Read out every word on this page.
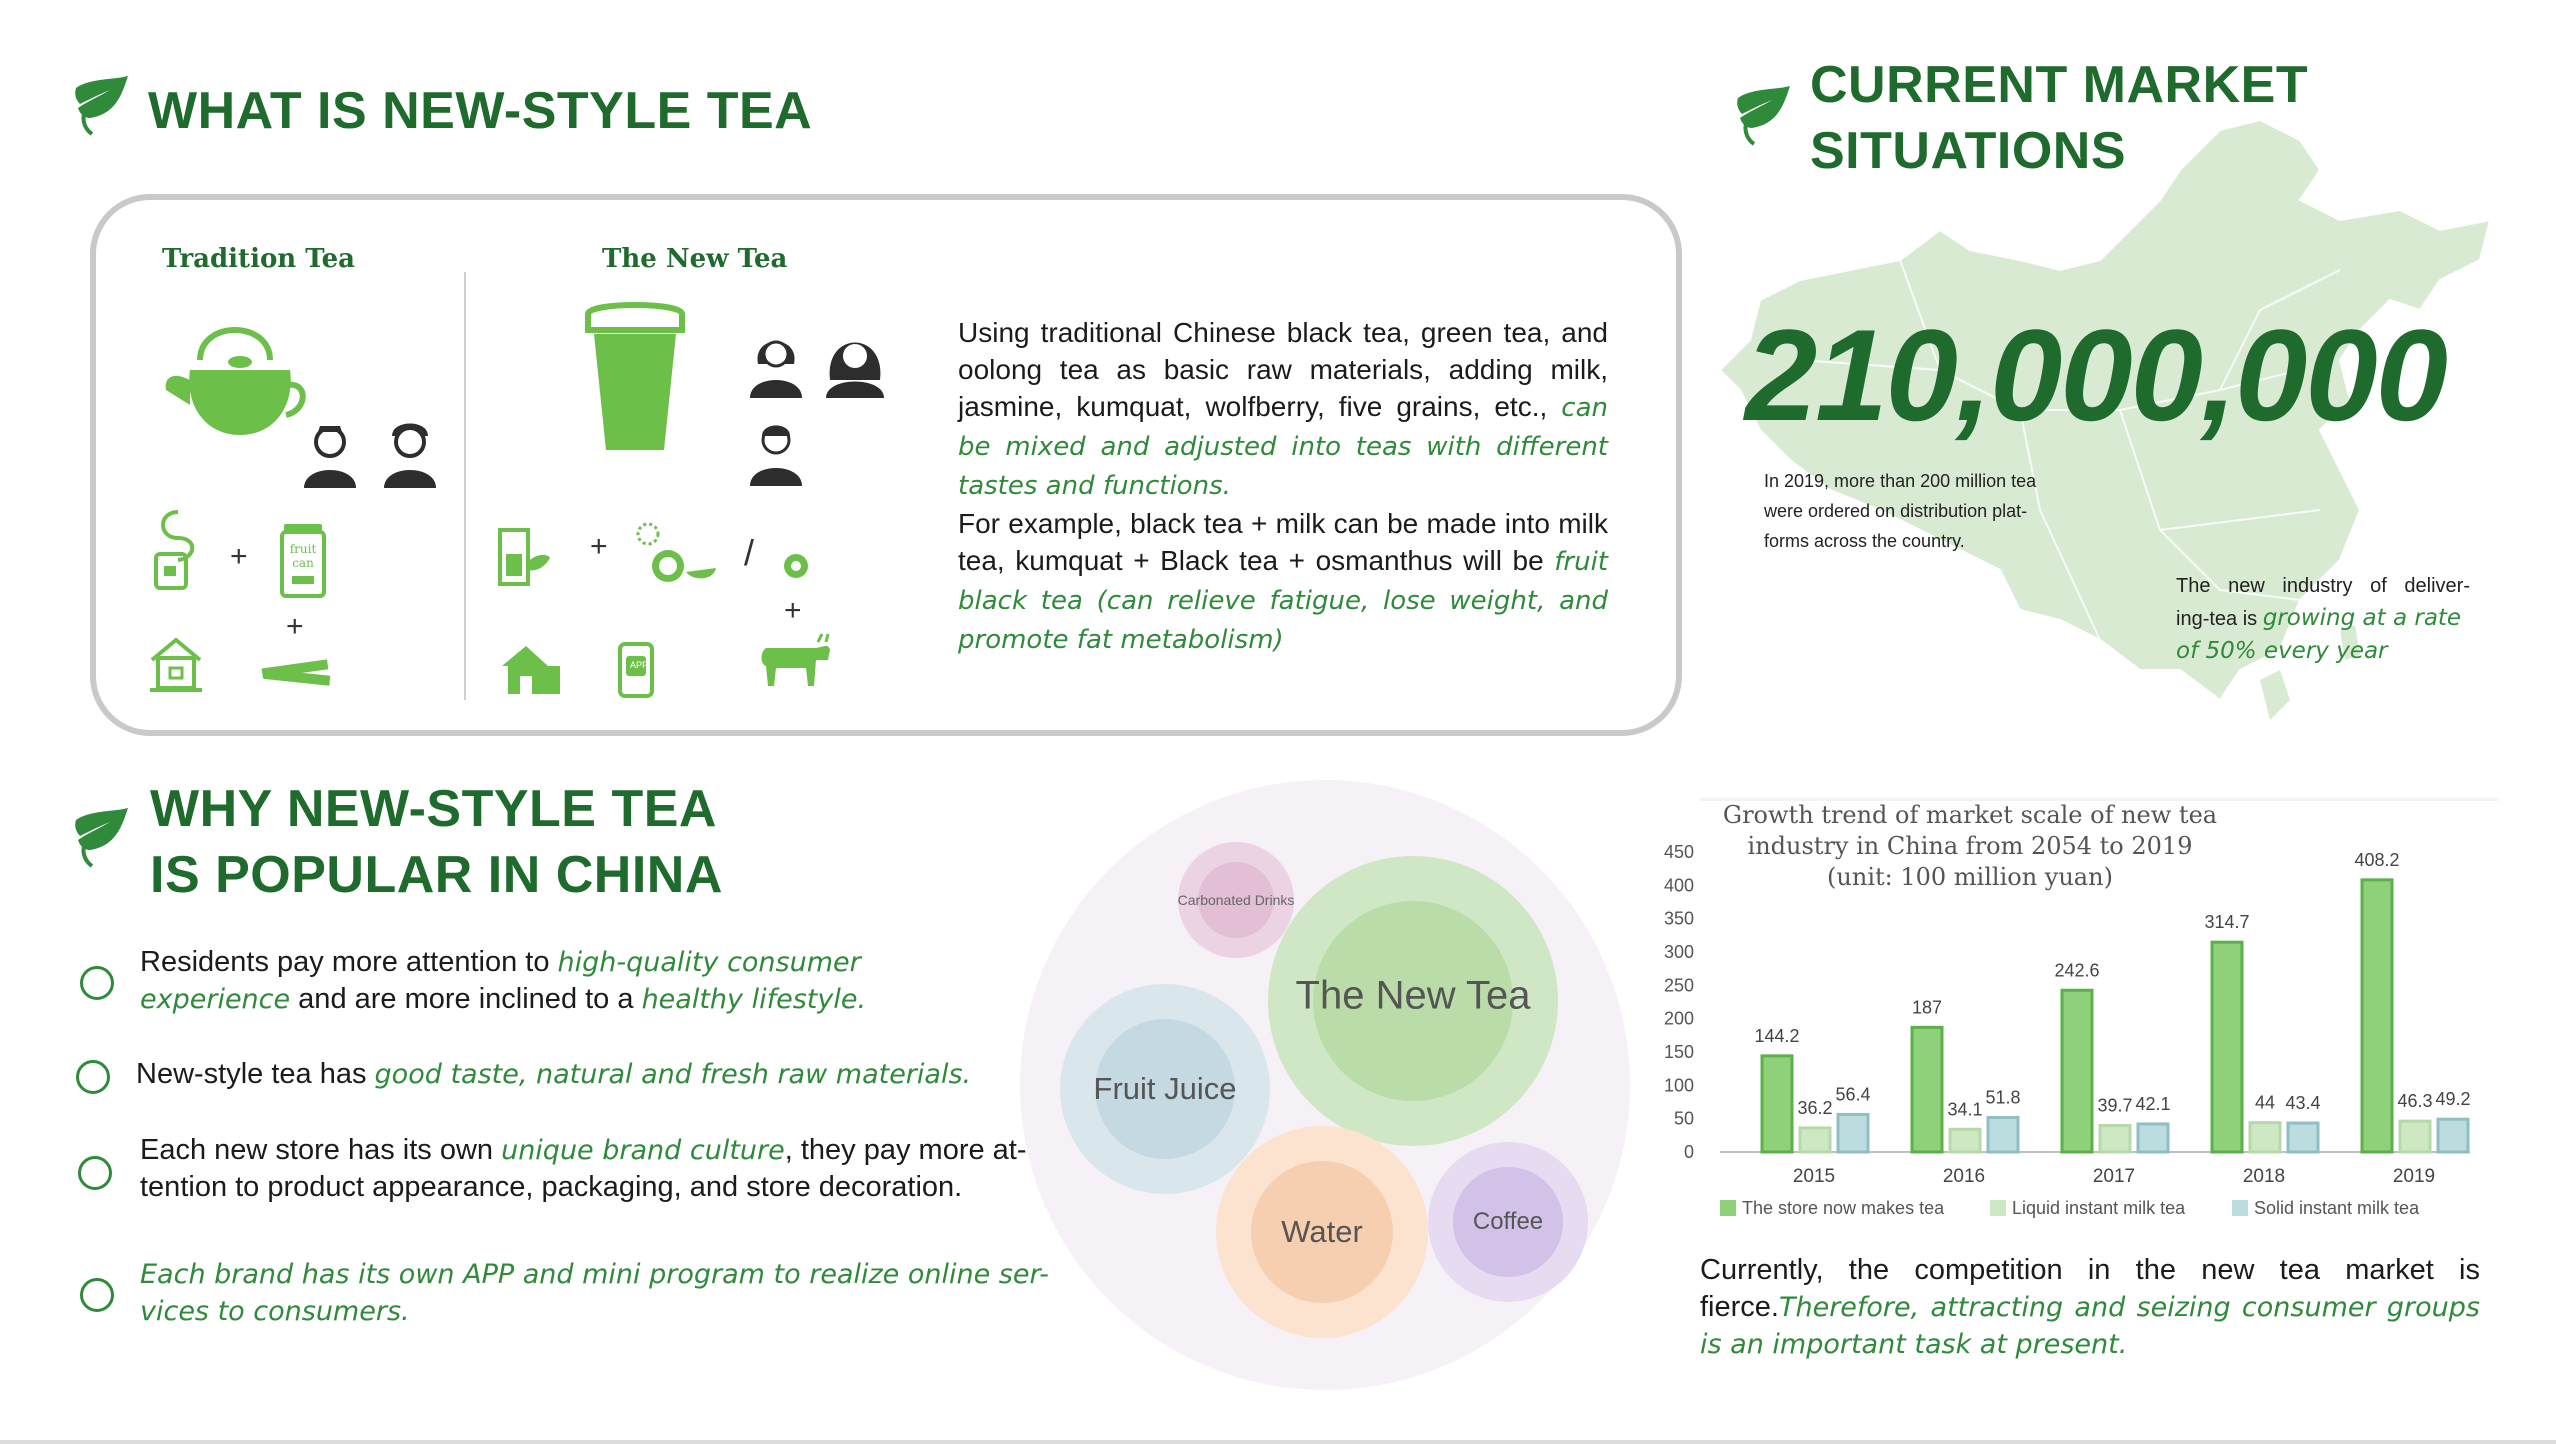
WHAT IS NEW-STYLE TEA	CURRENT MARKET
SITUATIONS
WHY NEW-STYLE TEA
IS POPULAR IN CHINA
Tradition Tea	The New Tea
+	fruit
can
+
+	/
+
APP
Using traditional Chinese black tea, green tea, and oolong tea as basic raw materials, adding milk, jasmine, kumquat, wolfberry, five grains, etc., can be mixed and adjusted into teas with different tastes and functions.
For example, black tea + milk can be made into milk tea, kumquat + Black tea + osmanthus will be fruit black tea (can relieve fatigue, lose weight, and promote fat metabolism)
210,000,000
In 2019, more than 200 million tea
were ordered on distribution plat-
forms across the country.
The new industry of deliver-
ing-tea is growing at a rate
of 50% every year
Residents pay more attention to high-quality consumer
experience and are more inclined to a healthy lifestyle.
New-style tea has good taste, natural and fresh raw materials.
Each new store has its own unique brand culture, they pay more at-
tention to product appearance, packaging, and store decoration.
Each brand has its own APP and mini program to realize online ser-
vices to consumers.
Carbonated Drinks
The New Tea
Fruit Juice
Water	Coffee
Growth trend of market scale of new tea
industry in China from 2054 to 2019
(unit: 100 million yuan)
450
400
350
300
250
200
150
100
50
0
144.2
36.2
56.4
2015
187
34.1
51.8
2016
242.6
39.7 42.1
2017
314.7
44 43.4
2018
408.2
46.3 49.2
2019
The store now makes tea	Liquid instant milk tea	Solid instant milk tea
Currently, the competition in the new tea market is fierce.Therefore, attracting and seizing consumer groups is an important task at present.
